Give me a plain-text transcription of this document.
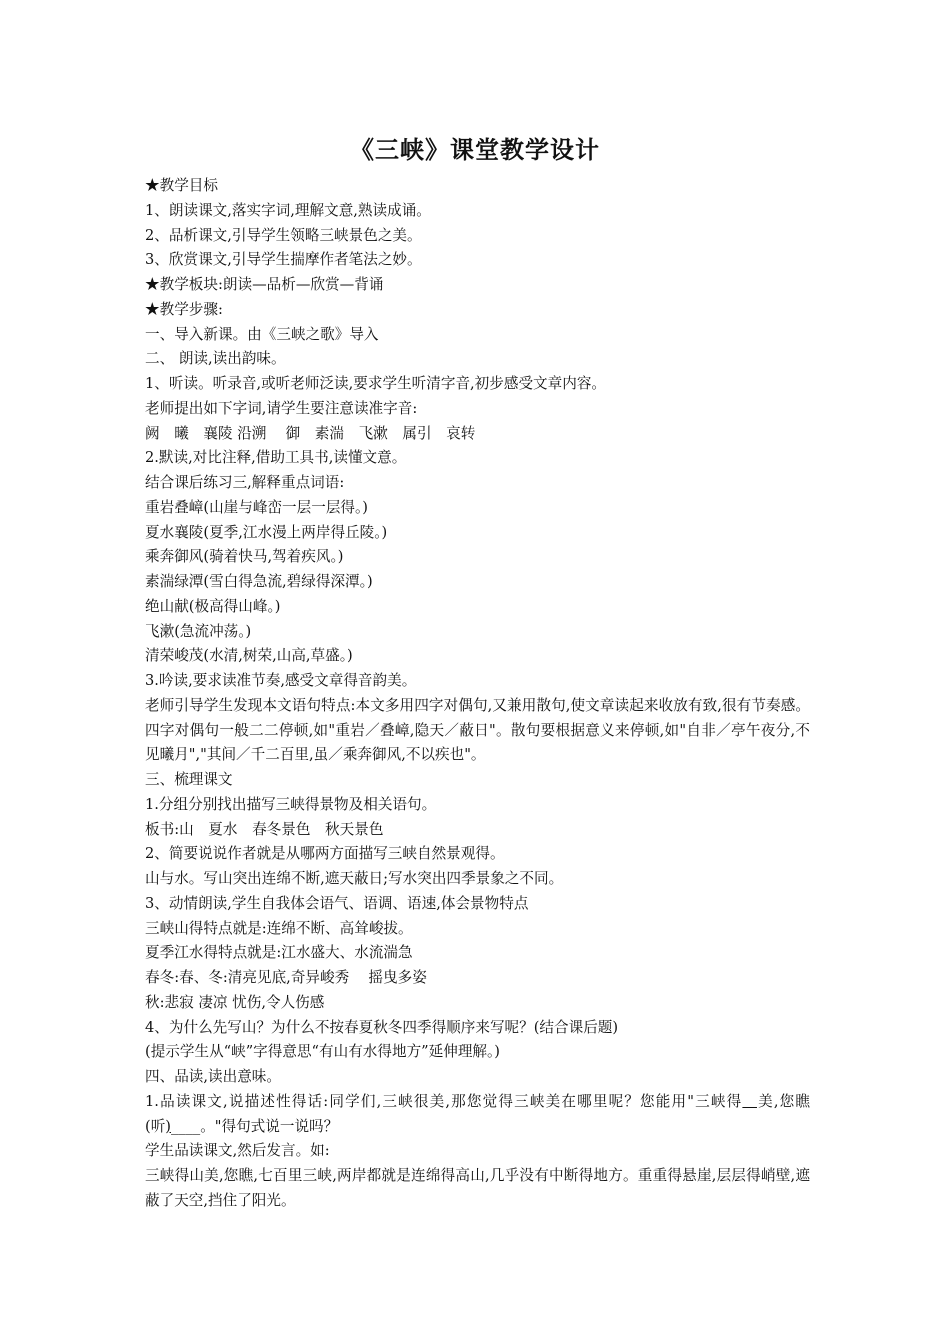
《三峡》课堂教学设计
★教学目标
1、朗读课文,落实字词,理解文意,熟读成诵。
2、品析课文,引导学生领略三峡景色之美。
3、欣赏课文,引导学生揣摩作者笔法之妙。
★教学板块:朗读—品析—欣赏—背诵
★教学步骤:
一、导入新课。由《三峡之歌》导入
二、 朗读,读出韵味。
1、听读。听录音,或听老师泛读,要求学生听清字音,初步感受文章内容。
老师提出如下字词,请学生要注意读准字音:
阙　曦　襄陵 沿溯　 御　素湍　飞漱　属引　哀转
2.默读,对比注释,借助工具书,读懂文意。
结合课后练习三,解释重点词语:
重岩叠嶂(山崖与峰峦一层一层得。)
夏水襄陵(夏季,江水漫上两岸得丘陵。)
乘奔御风(骑着快马,驾着疾风。)
素湍绿潭(雪白得急流,碧绿得深潭。)
绝山献(极高得山峰。)
飞漱(急流冲荡。)
清荣峻茂(水清,树荣,山高,草盛。)
3.吟读,要求读准节奏,感受文章得音韵美。
老师引导学生发现本文语句特点:本文多用四字对偶句,又兼用散句,使文章读起来收放有致,很有节奏感。四字对偶句一般二二停顿,如"重岩／叠嶂,隐天／蔽日"。散句要根据意义来停顿,如"自非／亭午夜分,不见曦月","其间／千二百里,虽／乘奔御风,不以疾也"。
三、梳理课文
1.分组分别找出描写三峡得景物及相关语句。
板书:山　夏水　春冬景色　秋天景色
2、简要说说作者就是从哪两方面描写三峡自然景观得。
山与水。写山突出连绵不断,遮天蔽日;写水突出四季景象之不同。
3、动情朗读,学生自我体会语气、语调、语速,体会景物特点
三峡山得特点就是:连绵不断、高耸峻拔。
夏季江水得特点就是:江水盛大、水流湍急
春冬:春、冬:清亮见底,奇异峻秀　 摇曳多姿
秋:悲寂 凄凉 忧伤,令人伤感
4、为什么先写山？为什么不按春夏秋冬四季得顺序来写呢？(结合课后题)
(提示学生从“峡”字得意思“有山有水得地方”延伸理解。)
四、品读,读出意味。
1.品读课文,说描述性得话:同学们,三峡很美,那您觉得三峡美在哪里呢？您能用"三峡得  美,您瞧(听)____。"得句式说一说吗？
学生品读课文,然后发言。如:
三峡得山美,您瞧,七百里三峡,两岸都就是连绵得高山,几乎没有中断得地方。重重得悬崖,层层得峭壁,遮蔽了天空,挡住了阳光。
